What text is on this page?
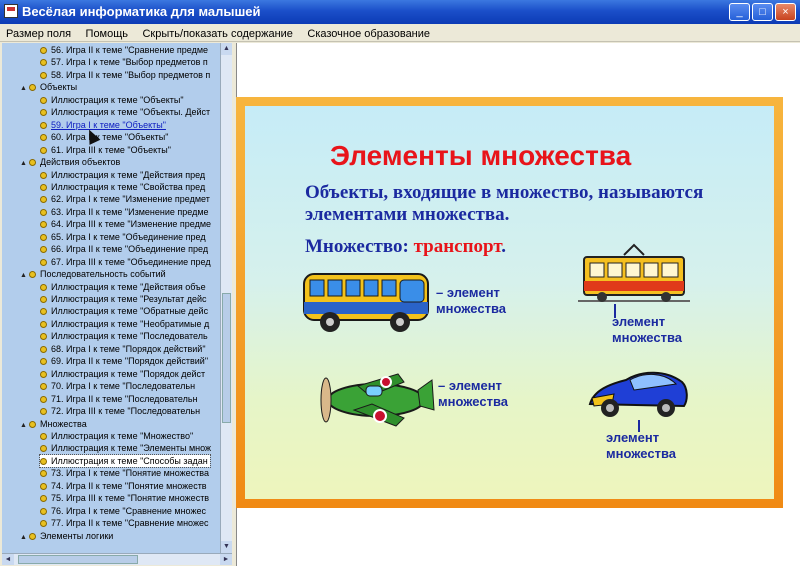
Весёлая информатика для малышей	_	□	×
Размер поля Помощь Скрыть/показать содержание Сказочное образование
56. Игра II к теме "Сравнение предме
57. Игра I к теме "Выбор предметов п
58. Игра II к теме "Выбор предметов п
▲ Объекты
Иллюстрация к теме "Объекты"
Иллюстрация к теме "Объекты. Дейст
59. Игра I к теме "Объекты"
60. Игра II к теме "Объекты"
61. Игра III к теме "Объекты"
▲ Действия объектов
Иллюстрация к теме "Действия пред
Иллюстрация к теме "Свойства пред
62. Игра I к теме "Изменение предмет
63. Игра II к теме "Изменение предме
64. Игра III к теме "Изменение предме
65. Игра I к теме "Объединение пред
66. Игра II к теме "Объединение пред
67. Игра III к теме "Объединение пред
▲ Последовательность событий
Иллюстрация к теме "Действия объе
Иллюстрация к теме "Результат дейс
Иллюстрация к теме "Обратные дейс
Иллюстрация к теме "Необратимые д
Иллюстрация к теме "Последователь
68. Игра I к теме "Порядок действий"
69. Игра II к теме "Порядок действий"
Иллюстрация к теме "Порядок дейст
70. Игра I к теме "Последовательн
71. Игра II к теме "Последовательн
72. Игра III к теме "Последовательн
▲ Множества
Иллюстрация к теме "Множество"
Иллюстрация к теме "Элементы множ
Иллюстрация к теме "Способы задан
73. Игра I к теме "Понятие множества
74. Игра II к теме "Понятие множеств
75. Игра III к теме "Понятие множеств
76. Игра I к теме "Сравнение множес
77. Игра II к теме "Сравнение множес
▲ Элементы логики
▲
▼
◄	►
Элементы множества
Объекты, входящие в множество, называются элементами множества.
Множество: транспорт.
– элемент
множества
элемент
множества
– элемент
множества
элемент
множества
